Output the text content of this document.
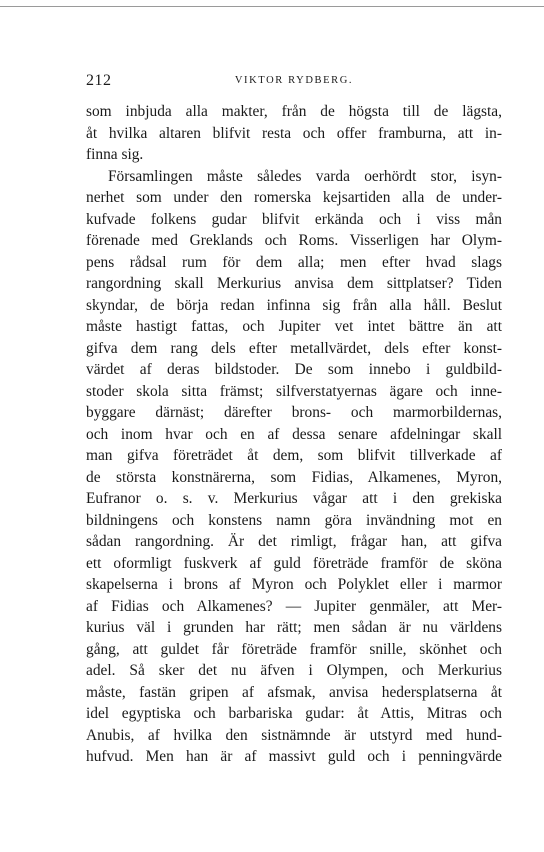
212	VIKTOR RYDBERG.
som inbjuda alla makter, från de högsta till de lägsta,
åt hvilka altaren blifvit resta och offer framburna, att in-
finna sig.
Församlingen måste således varda oerhördt stor, isyn-
nerhet som under den romerska kejsartiden alla de under-
kufvade folkens gudar blifvit erkända och i viss mån
förenade med Greklands och Roms. Visserligen har Olym-
pens rådsal rum för dem alla; men efter hvad slags
rangordning skall Merkurius anvisa dem sittplatser? Tiden
skyndar, de börja redan infinna sig från alla håll. Beslut
måste hastigt fattas, och Jupiter vet intet bättre än att
gifva dem rang dels efter metallvärdet, dels efter konst-
värdet af deras bildstoder. De som innebo i guldbild-
stoder skola sitta främst; silfverstatyernas ägare och inne-
byggare därnäst; därefter brons- och marmorbildernas,
och inom hvar och en af dessa senare afdelningar skall
man gifva företrädet åt dem, som blifvit tillverkade af
de största konstnärerna, som Fidias, Alkamenes, Myron,
Eufranor o. s. v. Merkurius vågar att i den grekiska
bildningens och konstens namn göra invändning mot en
sådan rangordning. Är det rimligt, frågar han, att gifva
ett oformligt fuskverk af guld företräde framför de sköna
skapelserna i brons af Myron och Polyklet eller i marmor
af Fidias och Alkamenes? — Jupiter genmäler, att Mer-
kurius väl i grunden har rätt; men sådan är nu världens
gång, att guldet får företräde framför snille, skönhet och
adel. Så sker det nu äfven i Olympen, och Merkurius
måste, fastän gripen af afsmak, anvisa hedersplatserna åt
idel egyptiska och barbariska gudar: åt Attis, Mitras och
Anubis, af hvilka den sistnämnde är utstyrd med hund-
hufvud. Men han är af massivt guld och i penningvärde
